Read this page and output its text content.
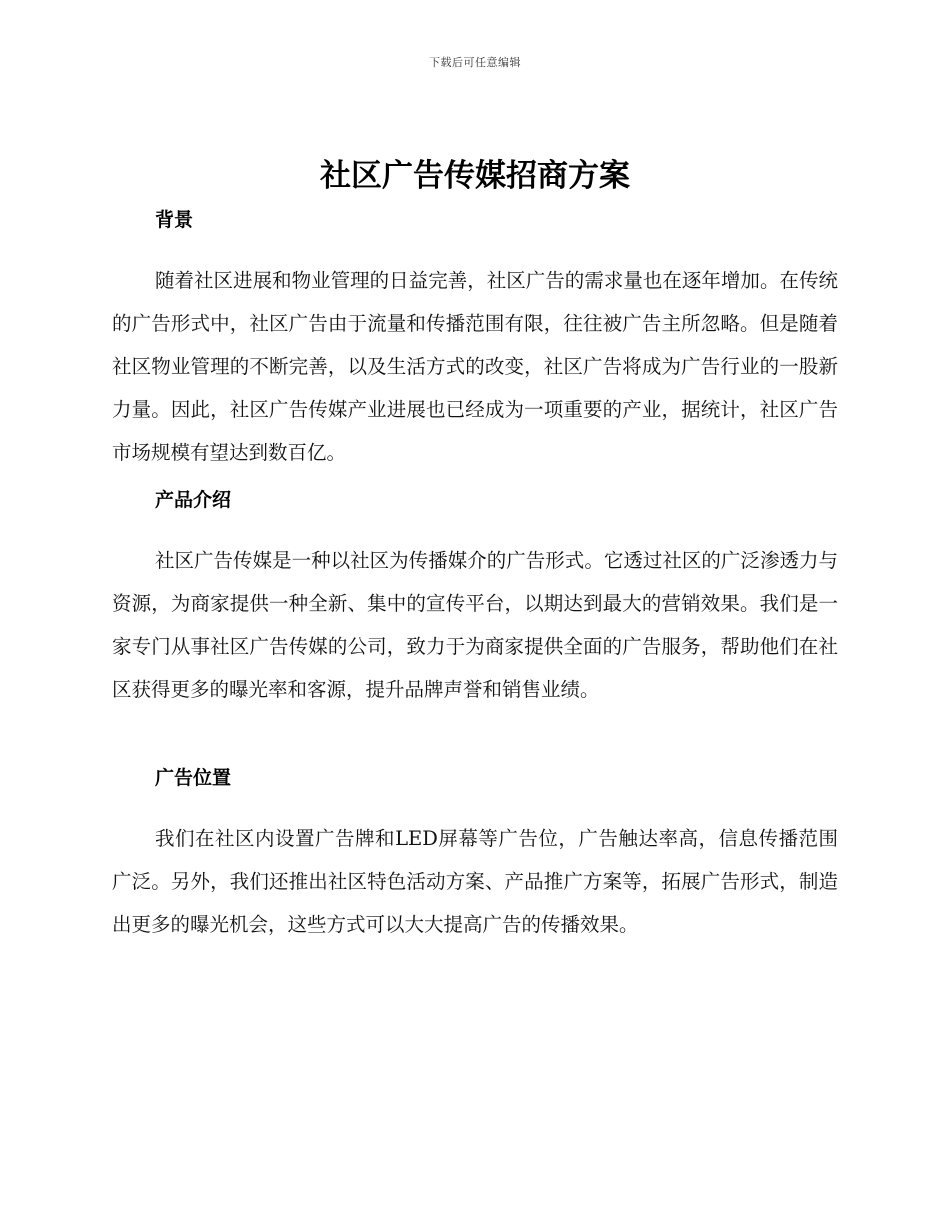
下载后可任意编辑
社区广告传媒招商方案
背景

随着社区进展和物业管理的日益完善，社区广告的需求量也在逐年增加。在传统的广告形式中，社区广告由于流量和传播范围有限，往往被广告主所忽略。但是随着社区物业管理的不断完善，以及生活方式的改变，社区广告将成为广告行业的一股新力量。因此，社区广告传媒产业进展也已经成为一项重要的产业，据统计，社区广告市场规模有望达到数百亿。

产品介绍

社区广告传媒是一种以社区为传播媒介的广告形式。它透过社区的广泛渗透力与资源，为商家提供一种全新、集中的宣传平台，以期达到最大的营销效果。我们是一家专门从事社区广告传媒的公司，致力于为商家提供全面的广告服务，帮助他们在社区获得更多的曝光率和客源，提升品牌声誉和销售业绩。

广告位置

我们在社区内设置广告牌和LED屏幕等广告位，广告触达率高，信息传播范围广泛。另外，我们还推出社区特色活动方案、产品推广方案等，拓展广告形式，制造出更多的曝光机会，这些方式可以大大提高广告的传播效果。
